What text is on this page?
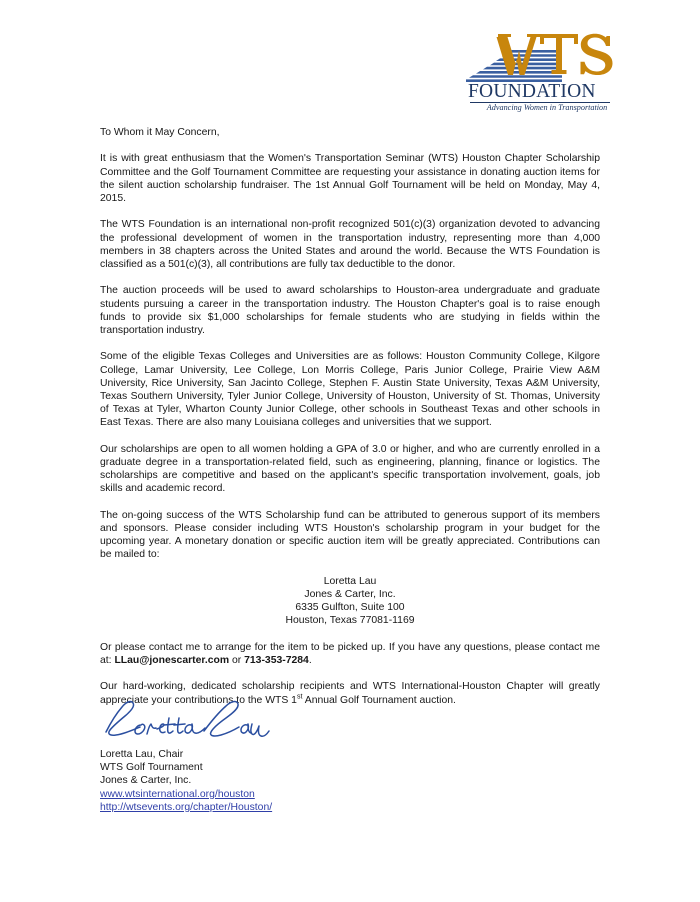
FOUNDATION
Advancing Women in Transportation

To Whom it May Concern,

It is with great enthusiasm that the Women's Transportation Seminar (WTS) Houston Chapter Scholarship Committee and the Golf Tournament Committee are requesting your assistance in donating auction items for the silent auction scholarship fundraiser. The 1st Annual Golf Tournament will be held on Monday, May 4, 2015.

The WTS Foundation is an international non-profit recognized 501(c)(3) organization devoted to advancing the professional development of women in the transportation industry, representing more than 4,000 members in 38 chapters across the United States and around the world. Because the WTS Foundation is classified as a 501(c)(3), all contributions are fully tax deductible to the donor.

The auction proceeds will be used to award scholarships to Houston-area undergraduate and graduate students pursuing a career in the transportation industry. The Houston Chapter's goal is to raise enough funds to provide six $1,000 scholarships for female students who are studying in fields within the transportation industry.

Some of the eligible Texas Colleges and Universities are as follows: Houston Community College, Kilgore College, Lamar University, Lee College, Lon Morris College, Paris Junior College, Prairie View A&M University, Rice University, San Jacinto College, Stephen F. Austin State University, Texas A&M University, Texas Southern University, Tyler Junior College, University of Houston, University of St. Thomas, University of Texas at Tyler, Wharton County Junior College, other schools in Southeast Texas and other schools in East Texas. There are also many Louisiana colleges and universities that we support.

Our scholarships are open to all women holding a GPA of 3.0 or higher, and who are currently enrolled in a graduate degree in a transportation-related field, such as engineering, planning, finance or logistics. The scholarships are competitive and based on the applicant's specific transportation involvement, goals, job skills and academic record.

The on-going success of the WTS Scholarship fund can be attributed to generous support of its members and sponsors. Please consider including WTS Houston's scholarship program in your budget for the upcoming year. A monetary donation or specific auction item will be greatly appreciated. Contributions can be mailed to:

Loretta Lau
Jones & Carter, Inc.
6335 Gulfton, Suite 100
Houston, Texas 77081-1169

Or please contact me to arrange for the item to be picked up. If you have any questions, please contact me at: LLau@jonescarter.com or 713-353-7284.

Our hard-working, dedicated scholarship recipients and WTS International-Houston Chapter will greatly appreciate your contributions to the WTS 1st Annual Golf Tournament auction.

Loretta Lau, Chair
WTS Golf Tournament
Jones & Carter, Inc.
www.wtsinternational.org/houston
http://wtsevents.org/chapter/Houston/
